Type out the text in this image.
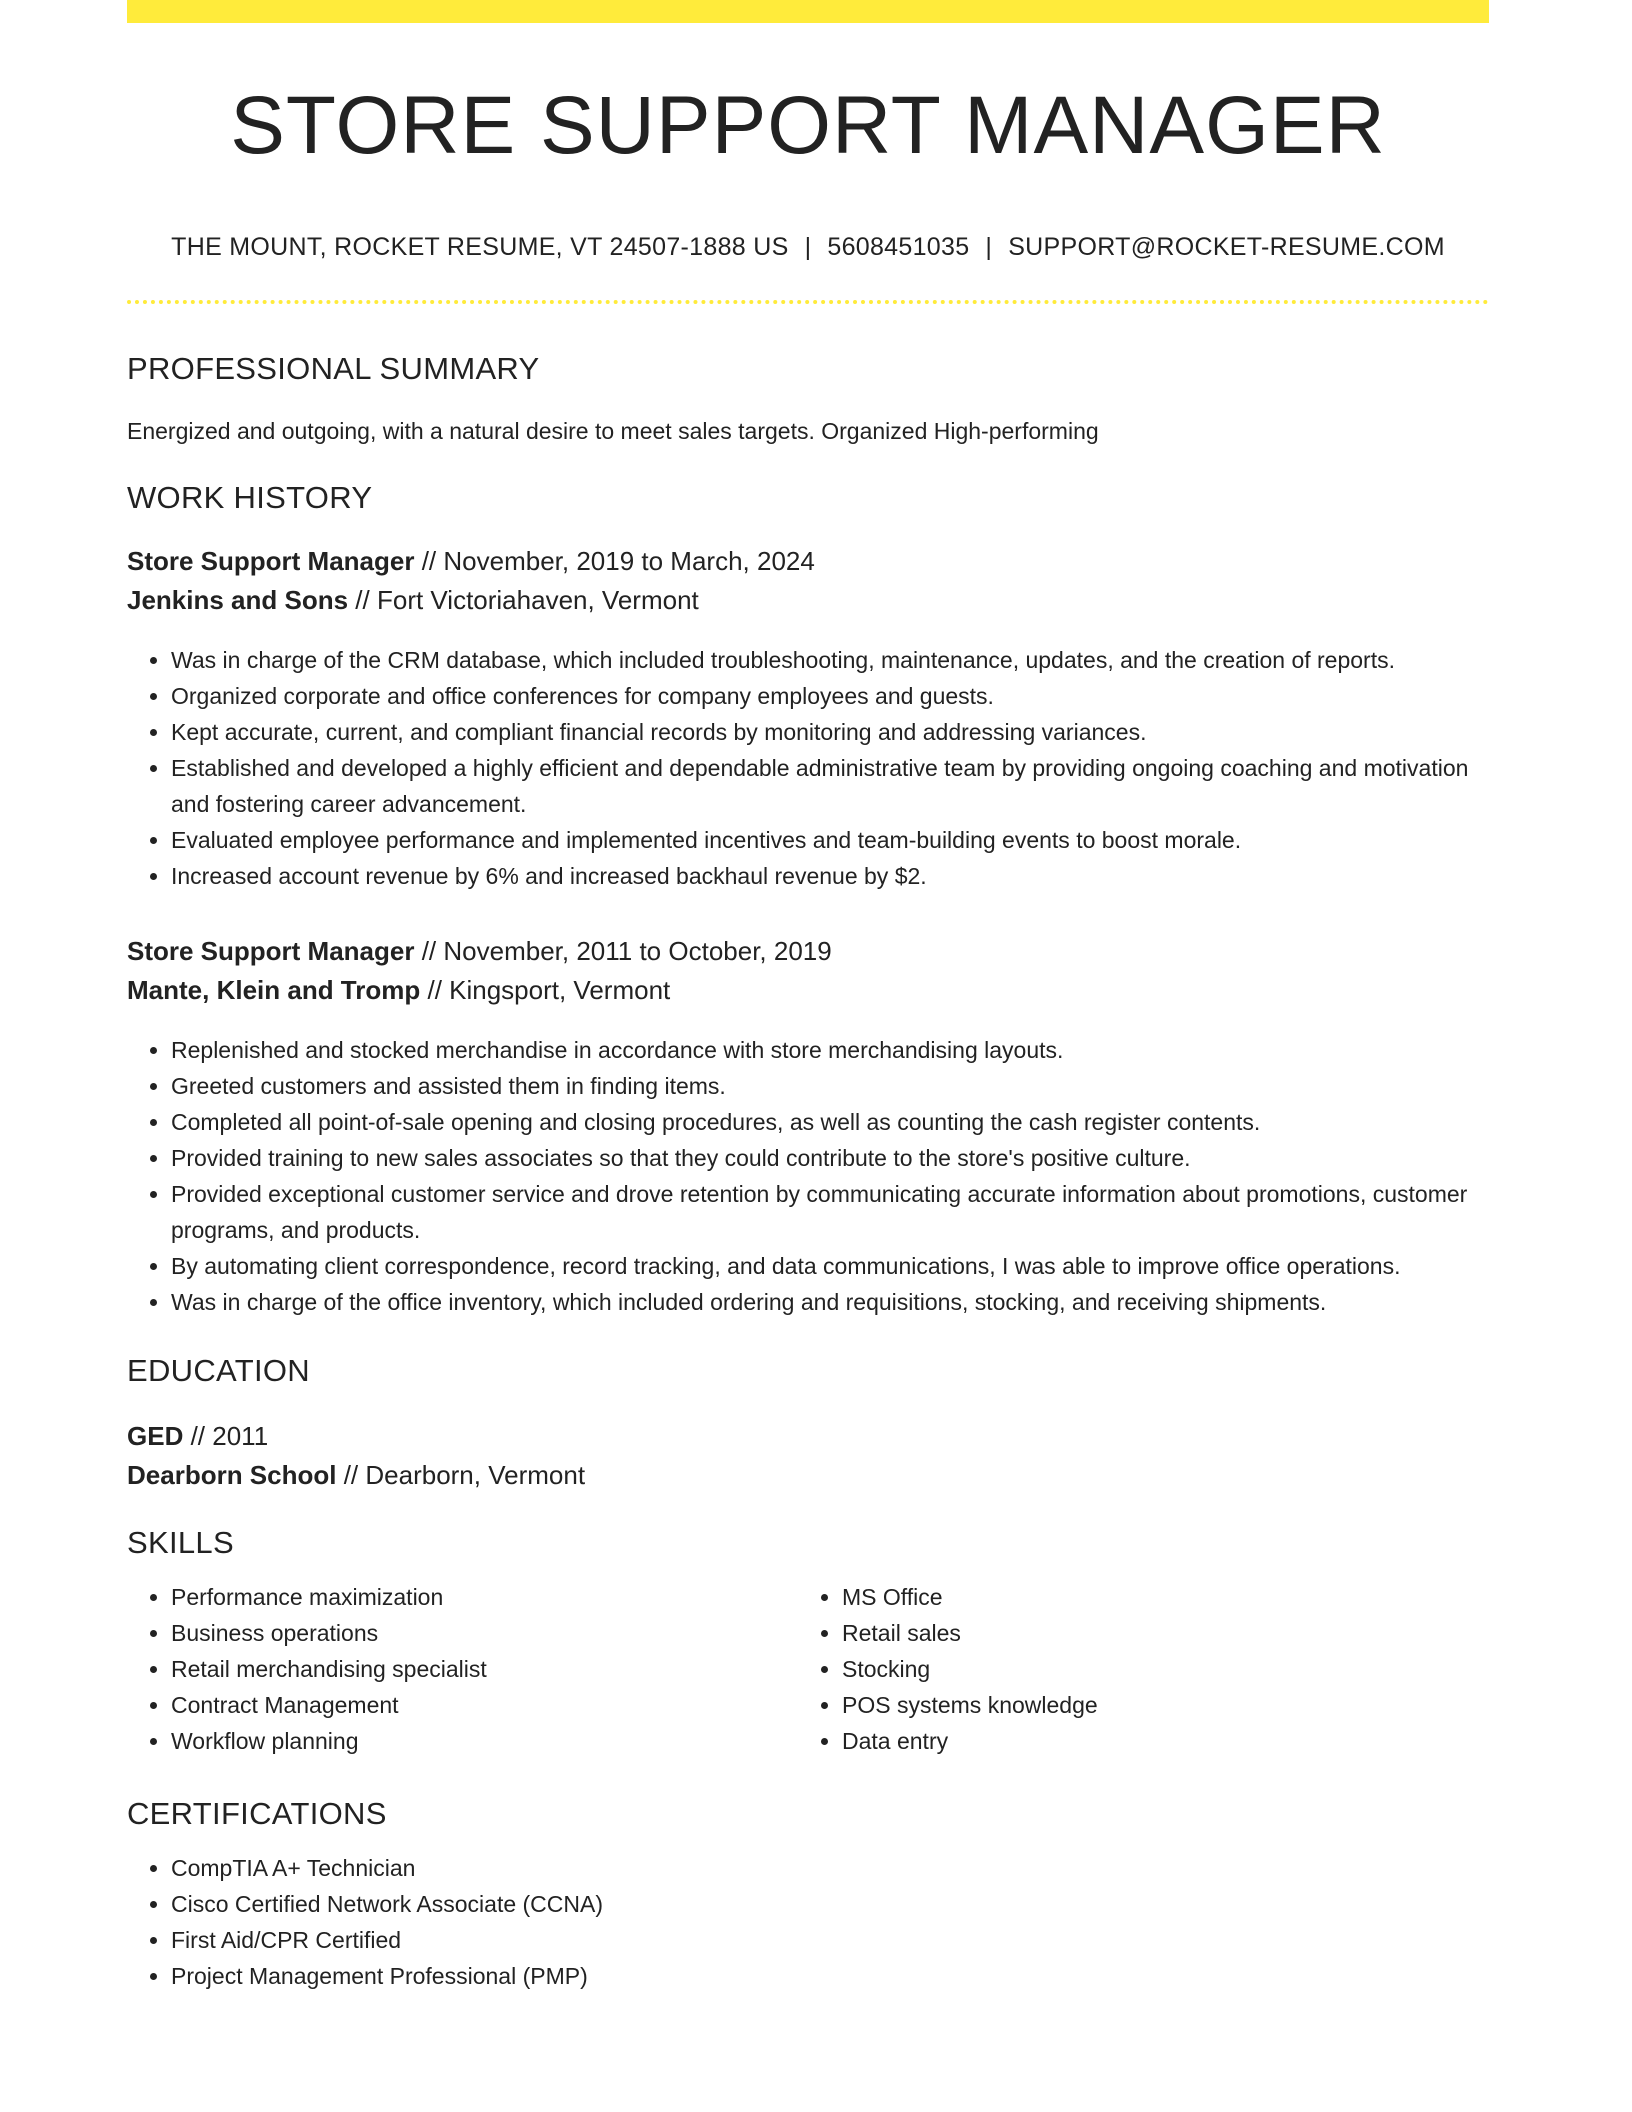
STORE SUPPORT MANAGER
THE MOUNT, ROCKET RESUME, VT 24507-1888 US | 5608451035 | SUPPORT@ROCKET-RESUME.COM
PROFESSIONAL SUMMARY
Energized and outgoing, with a natural desire to meet sales targets. Organized High-performing
WORK HISTORY
Store Support Manager // November, 2019 to March, 2024
Jenkins and Sons // Fort Victoriahaven, Vermont
• Was in charge of the CRM database, which included troubleshooting, maintenance, updates, and the creation of reports.
• Organized corporate and office conferences for company employees and guests.
• Kept accurate, current, and compliant financial records by monitoring and addressing variances.
• Established and developed a highly efficient and dependable administrative team by providing ongoing coaching and motivation and fostering career advancement.
• Evaluated employee performance and implemented incentives and team-building events to boost morale.
• Increased account revenue by 6% and increased backhaul revenue by $2.
Store Support Manager // November, 2011 to October, 2019
Mante, Klein and Tromp // Kingsport, Vermont
• Replenished and stocked merchandise in accordance with store merchandising layouts.
• Greeted customers and assisted them in finding items.
• Completed all point-of-sale opening and closing procedures, as well as counting the cash register contents.
• Provided training to new sales associates so that they could contribute to the store's positive culture.
• Provided exceptional customer service and drove retention by communicating accurate information about promotions, customer programs, and products.
• By automating client correspondence, record tracking, and data communications, I was able to improve office operations.
• Was in charge of the office inventory, which included ordering and requisitions, stocking, and receiving shipments.
EDUCATION
GED // 2011
Dearborn School // Dearborn, Vermont
SKILLS
• Performance maximization
• Business operations
• Retail merchandising specialist
• Contract Management
• Workflow planning
• MS Office
• Retail sales
• Stocking
• POS systems knowledge
• Data entry
CERTIFICATIONS
• CompTIA A+ Technician
• Cisco Certified Network Associate (CCNA)
• First Aid/CPR Certified
• Project Management Professional (PMP)
